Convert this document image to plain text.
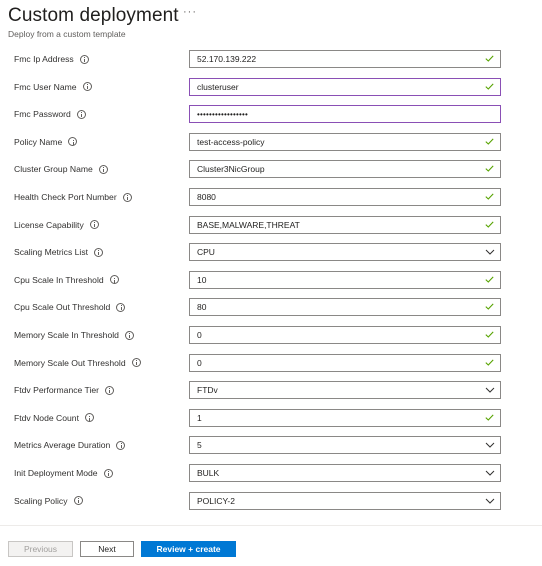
Custom deployment ···
Deploy from a custom template
Fmc Ip Address	52.170.139.222
Fmc User Name	clusteruser
Fmc Password	•••••••••••••••••
Policy Name	test-access-policy
Cluster Group Name	Cluster3NicGroup
Health Check Port Number	8080
License Capability	BASE,MALWARE,THREAT
Scaling Metrics List	CPU
Cpu Scale In Threshold	10
Cpu Scale Out Threshold	80
Memory Scale In Threshold	0
Memory Scale Out Threshold	0
Ftdv Performance Tier	FTDv
Ftdv Node Count	1
Metrics Average Duration	5
Init Deployment Mode	BULK
Scaling Policy	POLICY-2
Previous	Next	Review + create
